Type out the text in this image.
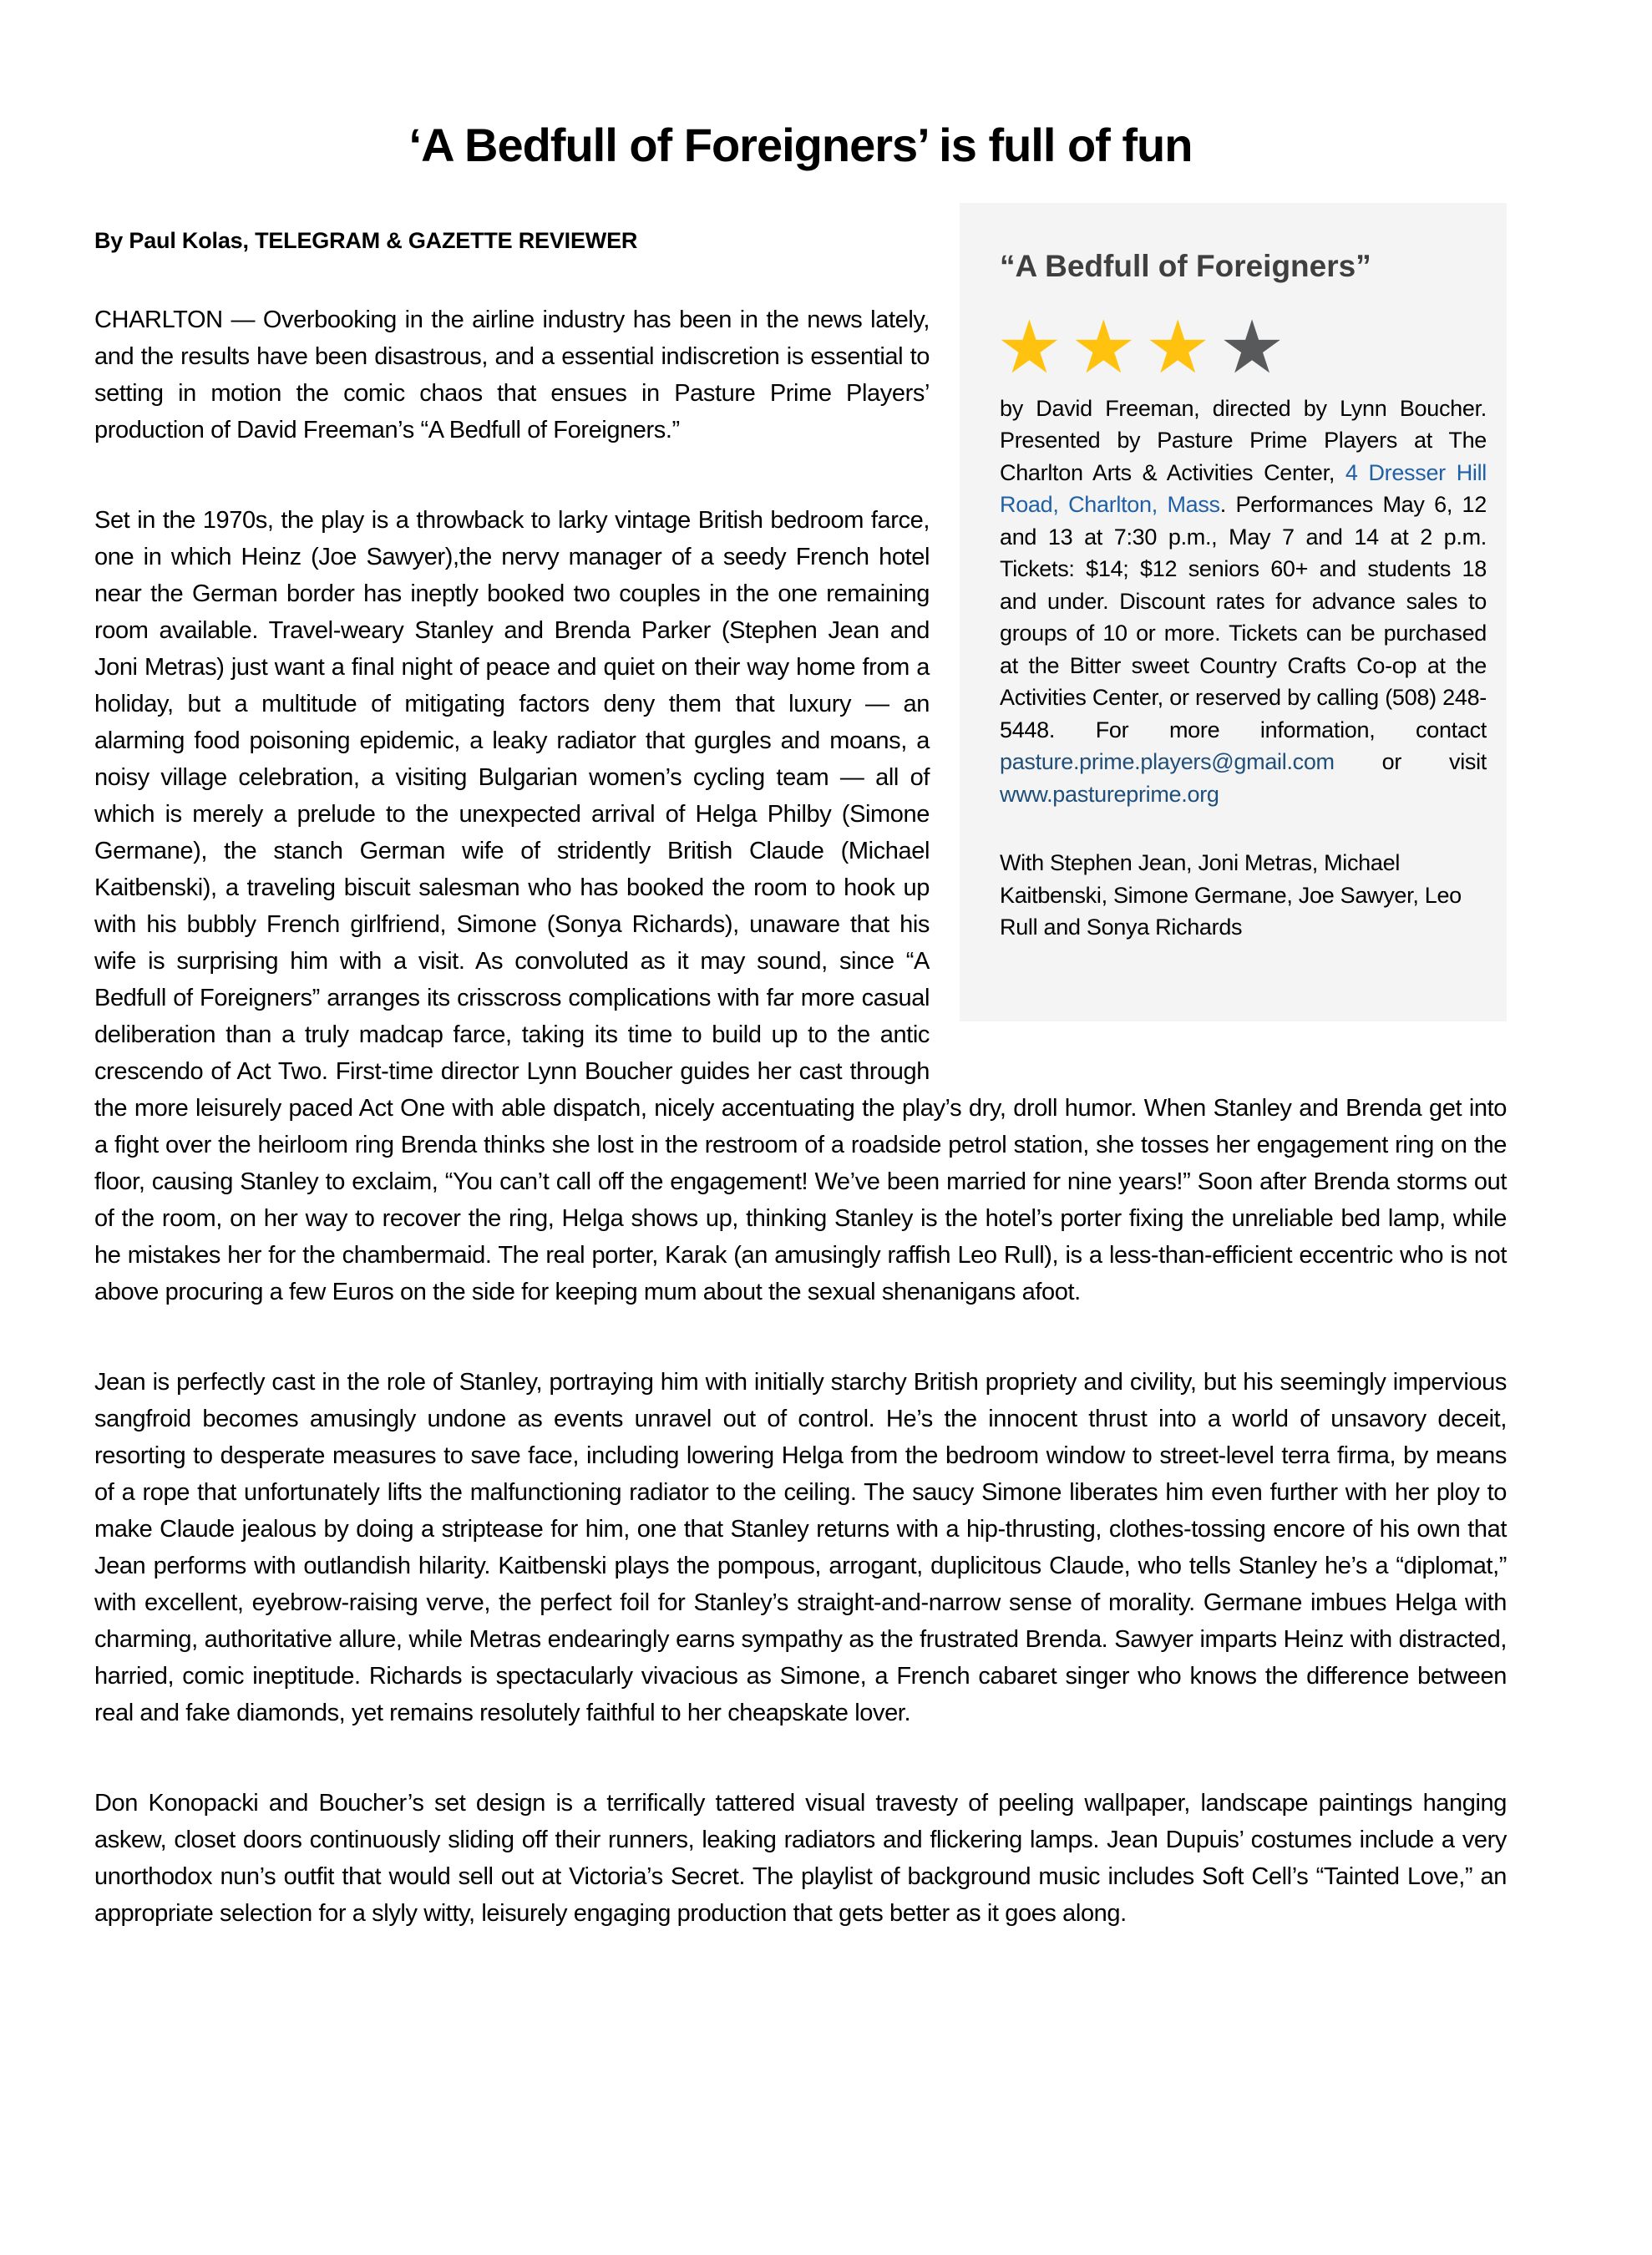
‘A Bedfull of Foreigners’ is full of fun
“A Bedfull of Foreigners”
★★★★

by David Freeman, directed by Lynn Boucher. Presented by Pasture Prime Players at The Charlton Arts & Activities Center, 4 Dresser Hill Road, Charlton, Mass. Performances May 6, 12 and 13 at 7:30 p.m., May 7 and 14 at 2 p.m. Tickets: $14; $12 seniors 60+ and students 18 and under. Discount rates for advance sales to groups of 10 or more. Tickets can be purchased at the Bitter sweet Country Crafts Co-op at the Activities Center, or reserved by calling (508) 248-5448. For more information, contact pasture.prime.players@gmail.com or visit www.pastureprime.org

With Stephen Jean, Joni Metras, Michael Kaitbenski, Simone Germane, Joe Sawyer, Leo Rull and Sonya Richards

By Paul Kolas, TELEGRAM & GAZETTE REVIEWER

CHARLTON — Overbooking in the airline industry has been in the news lately, and the results have been disastrous, and a essential indiscretion is essential to setting in motion the comic chaos that ensues in Pasture Prime Players’ production of David Freeman’s “A Bedfull of Foreigners.”

Set in the 1970s, the play is a throwback to larky vintage British bedroom farce, one in which Heinz (Joe Sawyer),the nervy manager of a seedy French hotel near the German border has ineptly booked two couples in the one remaining room available. Travel-weary Stanley and Brenda Parker (Stephen Jean and Joni Metras) just want a final night of peace and quiet on their way home from a holiday, but a multitude of mitigating factors deny them that luxury — an alarming food poisoning epidemic, a leaky radiator that gurgles and moans, a noisy village celebration, a visiting Bulgarian women’s cycling team — all of which is merely a prelude to the unexpected arrival of Helga Philby (Simone Germane), the stanch German wife of stridently British Claude (Michael Kaitbenski), a traveling biscuit salesman who has booked the room to hook up with his bubbly French girlfriend, Simone (Sonya Richards), unaware that his wife is surprising him with a visit. As convoluted as it may sound, since “A Bedfull of Foreigners” arranges its crisscross complications with far more casual deliberation than a truly madcap farce, taking its time to build up to the antic crescendo of Act Two. First-time director Lynn Boucher guides her cast through the more leisurely paced Act One with able dispatch, nicely accentuating the play’s dry, droll humor. When Stanley and Brenda get into a fight over the heirloom ring Brenda thinks she lost in the restroom of a roadside petrol station, she tosses her engagement ring on the floor, causing Stanley to exclaim, “You can’t call off the engagement! We’ve been married for nine years!” Soon after Brenda storms out of the room, on her way to recover the ring, Helga shows up, thinking Stanley is the hotel’s porter fixing the unreliable bed lamp, while he mistakes her for the chambermaid. The real porter, Karak (an amusingly raffish Leo Rull), is a less-than-efficient eccentric who is not above procuring a few Euros on the side for keeping mum about the sexual shenanigans afoot.

Jean is perfectly cast in the role of Stanley, portraying him with initially starchy British propriety and civility, but his seemingly impervious sangfroid becomes amusingly undone as events unravel out of control. He’s the innocent thrust into a world of unsavory deceit, resorting to desperate measures to save face, including lowering Helga from the bedroom window to street-level terra firma, by means of a rope that unfortunately lifts the malfunctioning radiator to the ceiling. The saucy Simone liberates him even further with her ploy to make Claude jealous by doing a striptease for him, one that Stanley returns with a hip-thrusting, clothes-tossing encore of his own that Jean performs with outlandish hilarity. Kaitbenski plays the pompous, arrogant, duplicitous Claude, who tells Stanley he’s a “diplomat,” with excellent, eyebrow-raising verve, the perfect foil for Stanley’s straight-and-narrow sense of morality. Germane imbues Helga with charming, authoritative allure, while Metras endearingly earns sympathy as the frustrated Brenda. Sawyer imparts Heinz with distracted, harried, comic ineptitude. Richards is spectacularly vivacious as Simone, a French cabaret singer who knows the difference between real and fake diamonds, yet remains resolutely faithful to her cheapskate lover.

Don Konopacki and Boucher’s set design is a terrifically tattered visual travesty of peeling wallpaper, landscape paintings hanging askew, closet doors continuously sliding off their runners, leaking radiators and flickering lamps. Jean Dupuis’ costumes include a very unorthodox nun’s outfit that would sell out at Victoria’s Secret. The playlist of background music includes Soft Cell’s “Tainted Love,” an appropriate selection for a slyly witty, leisurely engaging production that gets better as it goes along.
